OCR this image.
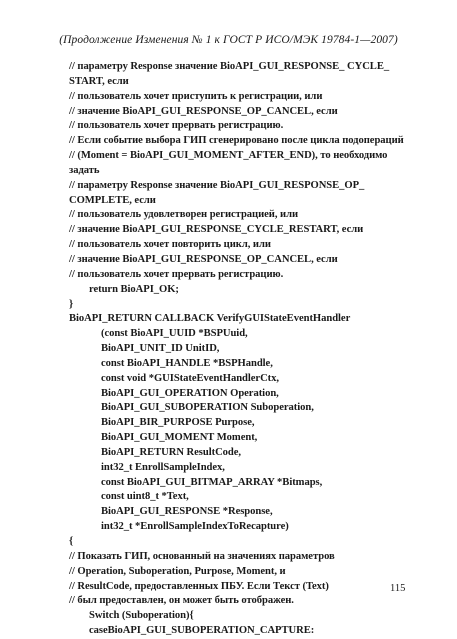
(Продолжение Изменения № 1 к ГОСТ Р ИСО/МЭК 19784-1—2007)
// параметру Response значение BioAPI_GUI_RESPONSE_ CYCLE_
START, если
// пользователь хочет приступить к регистрации, или
// значение BioAPI_GUI_RESPONSE_OP_CANCEL, если
// пользователь хочет прервать регистрацию.
// Если событие выбора ГИП сгенерировано после цикла подопераций
// (Moment = BioAPI_GUI_MOMENT_AFTER_END), то необходимо
задать
// параметру Response значение BioAPI_GUI_RESPONSE_OP_
COMPLETE, если
// пользователь удовлетворен регистрацией, или
// значение BioAPI_GUI_RESPONSE_CYCLE_RESTART, если
// пользователь хочет повторить цикл, или
// значение BioAPI_GUI_RESPONSE_OP_CANCEL, если
// пользователь хочет прервать регистрацию.
return BioAPI_OK;
}
BioAPI_RETURN CALLBACK VerifyGUIStateEventHandler
(const BioAPI_UUID *BSPUuid,
BioAPI_UNIT_ID UnitID,
const BioAPI_HANDLE *BSPHandle,
const void *GUIStateEventHandlerCtx,
BioAPI_GUI_OPERATION Operation,
BioAPI_GUI_SUBOPERATION Suboperation,
BioAPI_BIR_PURPOSE Purpose,
BioAPI_GUI_MOMENT Moment,
BioAPI_RETURN ResultCode,
int32_t EnrollSampleIndex,
const BioAPI_GUI_BITMAP_ARRAY *Bitmaps,
const uint8_t *Text,
BioAPI_GUI_RESPONSE *Response,
int32_t *EnrollSampleIndexToRecapture)
{
// Показать ГИП, основанный на значениях параметров
// Operation, Suboperation, Purpose, Moment, и
// ResultCode, предоставленных ПБУ. Если Текст (Text)
// был предоставлен, он может быть отображен.
Switch (Suboperation){
caseBioAPI_GUI_SUBOPERATION_CAPTURE:
115
